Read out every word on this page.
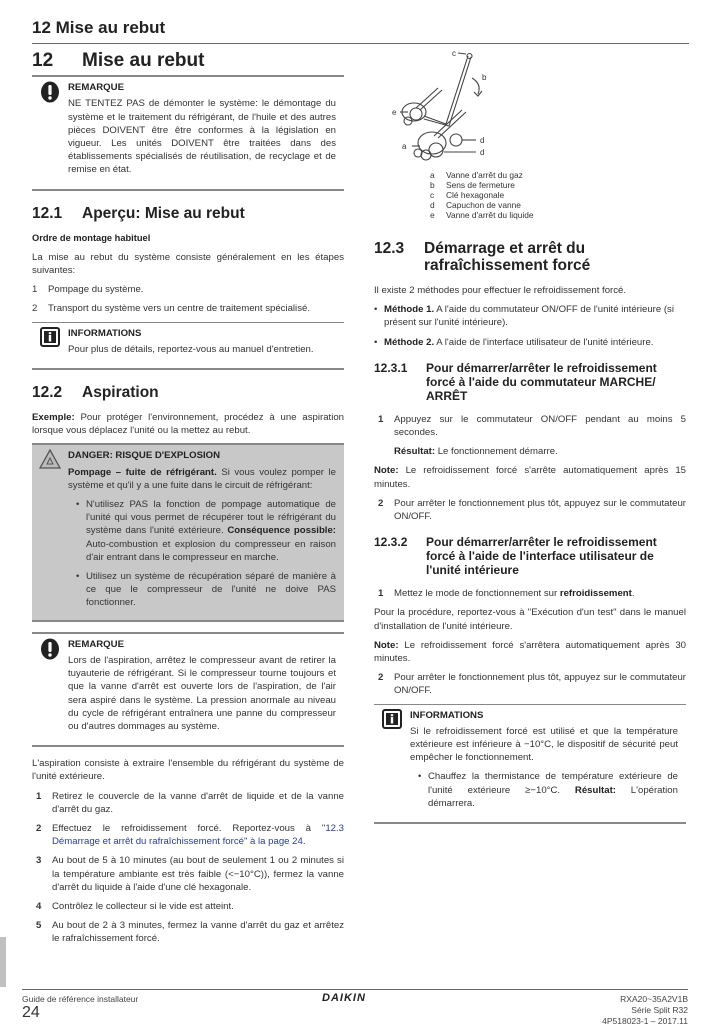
12 Mise au rebut
12	Mise au rebut
REMARQUE

NE TENTEZ PAS de démonter le système: le démontage du système et le traitement du réfrigérant, de l'huile et des autres pièces DOIVENT être être conformes à la législation en vigueur. Les unités DOIVENT être traitées dans des établissements spécialisés de réutilisation, de recyclage et de remise en état.

12.1	Aperçu: Mise au rebut

Ordre de montage habituel

La mise au rebut du système consiste généralement en les étapes suivantes:

1	Pompage du système.
2	Transport du système vers un centre de traitement spécialisé.
INFORMATIONS

Pour plus de détails, reportez-vous au manuel d'entretien.

12.2	Aspiration

Exemple: Pour protéger l'environnement, procédez à une aspiration lorsque vous déplacez l'unité ou la mettez au rebut.

DANGER: RISQUE D'EXPLOSION

Pompage – fuite de réfrigérant. Si vous voulez pomper le système et qu'il y a une fuite dans le circuit de réfrigérant:

• N'utilisez PAS la fonction de pompage automatique de l'unité qui vous permet de récupérer tout le réfrigérant du système dans l'unité extérieure. Conséquence possible: Auto-combustion et explosion du compresseur en raison d'air entrant dans le compresseur en marche.
• Utilisez un système de récupération séparé de manière à ce que le compresseur de l'unité ne doive PAS fonctionner.
REMARQUE

Lors de l'aspiration, arrêtez le compresseur avant de retirer la tuyauterie de réfrigérant. Si le compresseur tourne toujours et que la vanne d'arrêt est ouverte lors de l'aspiration, de l'air sera aspiré dans le système. La pression anormale au niveau du cycle de réfrigérant entraînera une panne du compresseur ou d'autres dommages au système.

L'aspiration consiste à extraire l'ensemble du réfrigérant du système de l'unité extérieure.

1	Retirez le couvercle de la vanne d'arrêt de liquide et de la vanne d'arrêt du gaz.
2	Effectuez le refroidissement forcé. Reportez-vous à "12.3 Démarrage et arrêt du rafraîchissement forcé" à la page 24.
3	Au bout de 5 à 10 minutes (au bout de seulement 1 ou 2 minutes si la température ambiante est très faible (<−10°C)), fermez la vanne d'arrêt du liquide à l'aide d'une clé hexagonale.
4	Contrôlez le collecteur si le vide est atteint.
5	Au bout de 2 à 3 minutes, fermez la vanne d'arrêt du gaz et arrêtez le rafraîchissement forcé.
c
b
e
a
d
d
a	Vanne d'arrêt du gaz
b	Sens de fermeture
c	Clé hexagonale
d	Capuchon de vanne
e	Vanne d'arrêt du liquide
12.3	Démarrage et arrêt du
rafraîchissement forcé

Il existe 2 méthodes pour effectuer le refroidissement forcé.

• Méthode 1. A l'aide du commutateur ON/OFF de l'unité intérieure (si présent sur l'unité intérieure).
• Méthode 2. A l'aide de l'interface utilisateur de l'unité intérieure.
12.3.1	Pour démarrer/arrêter le refroidissement forcé à l'aide du commutateur MARCHE/ ARRÊT
1	Appuyez sur le commutateur ON/OFF pendant au moins 5 secondes.

Résultat: Le fonctionnement démarre.

Note: Le refroidissement forcé s'arrête automatiquement après 15 minutes.

2	Pour arrêter le fonctionnement plus tôt, appuyez sur le commutateur ON/OFF.
12.3.2	Pour démarrer/arrêter le refroidissement forcé à l'aide de l'interface utilisateur de l'unité intérieure
1	Mettez le mode de fonctionnement sur refroidissement.

Pour la procédure, reportez-vous à "Exécution d'un test" dans le manuel d'installation de l'unité intérieure.

Note: Le refroidissement forcé s'arrêtera automatiquement après 30 minutes.

2	Pour arrêter le fonctionnement plus tôt, appuyez sur le commutateur ON/OFF.
INFORMATIONS

Si le refroidissement forcé est utilisé et que la température extérieure est inférieure à −10°C, le dispositif de sécurité peut empêcher le fonctionnement.

• Chauffez la thermistance de température extérieure de l'unité extérieure ≥−10°C. Résultat: L'opération démarrera.
Guide de référence installateur
24
DAIKIN	RXA20~35A2V1B
Série Split R32
4P518023-1 – 2017.11
